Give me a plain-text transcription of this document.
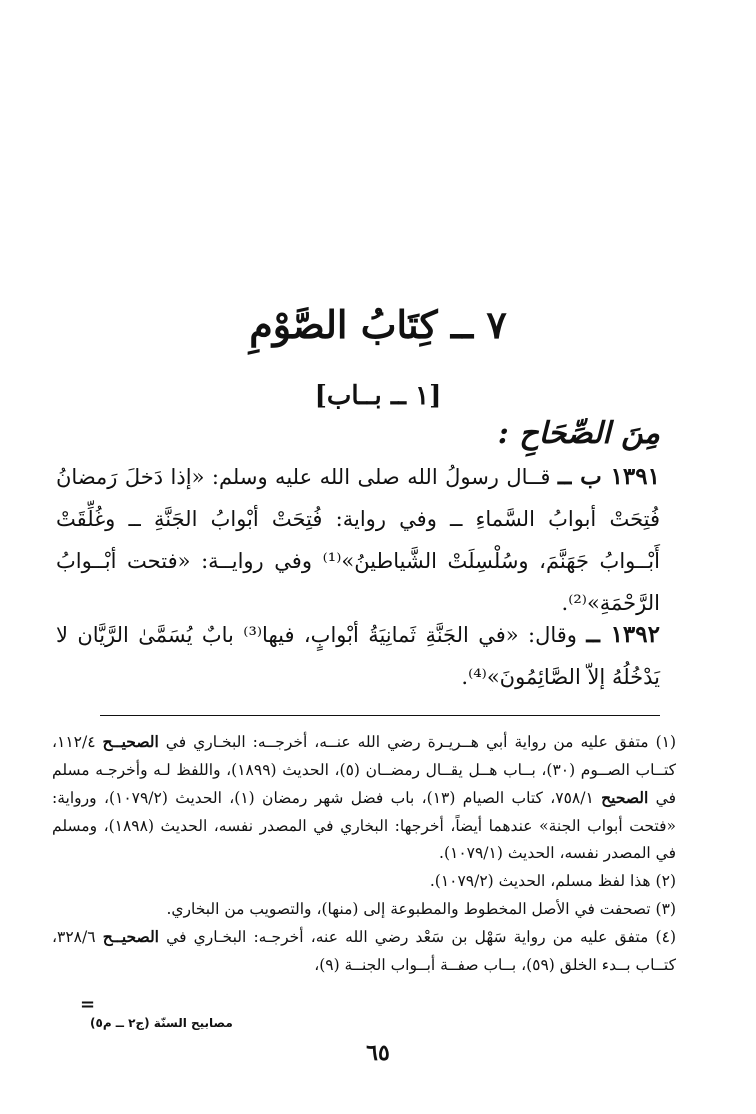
٧ ــ كِتَابُ الصَّوْمِ
[١ ــ بــاب]
مِنَ الصِّحَاحِ :
١٣٩١ ب ــ قــال رسولُ الله صلى الله عليه وسلم: «إذا دَخلَ رَمضانُ فُتِحَتْ أبوابُ السَّماءِ ــ وفي رواية: فُتِحَتْ أبْوابُ الجَنَّةِ ــ وغُلِّقَتْ أَبْــوابُ جَهَنَّمَ، وسُلْسِلَتْ الشَّياطينُ»⁽¹⁾ وفي روايــة: «فتحت أبْــوابُ الرَّحْمَةِ»⁽²⁾.
١٣٩٢ ــ وقال: «في الجَنَّةِ ثَمانِيَةُ أبْوابٍ، فيها⁽³⁾ بابٌ يُسَمَّىٰ الرَّيَّان لا يَدْخُلُهُ إلاّ الصَّائِمُونَ»⁽⁴⁾.
(١) متفق عليه من رواية أبي هــريـرة رضي الله عنــه، أخرجــه: البخـاري في الصحيــح ١١٢/٤، كتــاب الصــوم (٣٠)، بــاب هــل يقــال رمضــان (٥)، الحديث (١٨٩٩)، واللفظ لـه وأخرجـه مسلم في الصحيح ٧٥٨/١، كتاب الصيام (١٣)، باب فضل شهر رمضان (١)، الحديث (١٠٧٩/٢)، ورواية: «فتحت أبواب الجنة» عندهما أيضاً، أخرجها: البخاري في المصدر نفسه، الحديث (١٨٩٨)، ومسلم في المصدر نفسه، الحديث (١٠٧٩/١).
(٢) هذا لفظ مسلم، الحديث (١٠٧٩/٢).
(٣) تصحفت في الأصل المخطوط والمطبوعة إلى (منها)، والتصويب من البخاري.
(٤) متفق عليه من رواية سَهْل بن سَعْد رضي الله عنه، أخرجـه: البخـاري في الصحيــح ٣٢٨/٦، كتــاب بــدء الخلق (٥٩)، بــاب صفــة أبــواب الجنــة (٩)،
=
مصابيح السنّة (ج٢ ــ م٥)
٦٥
